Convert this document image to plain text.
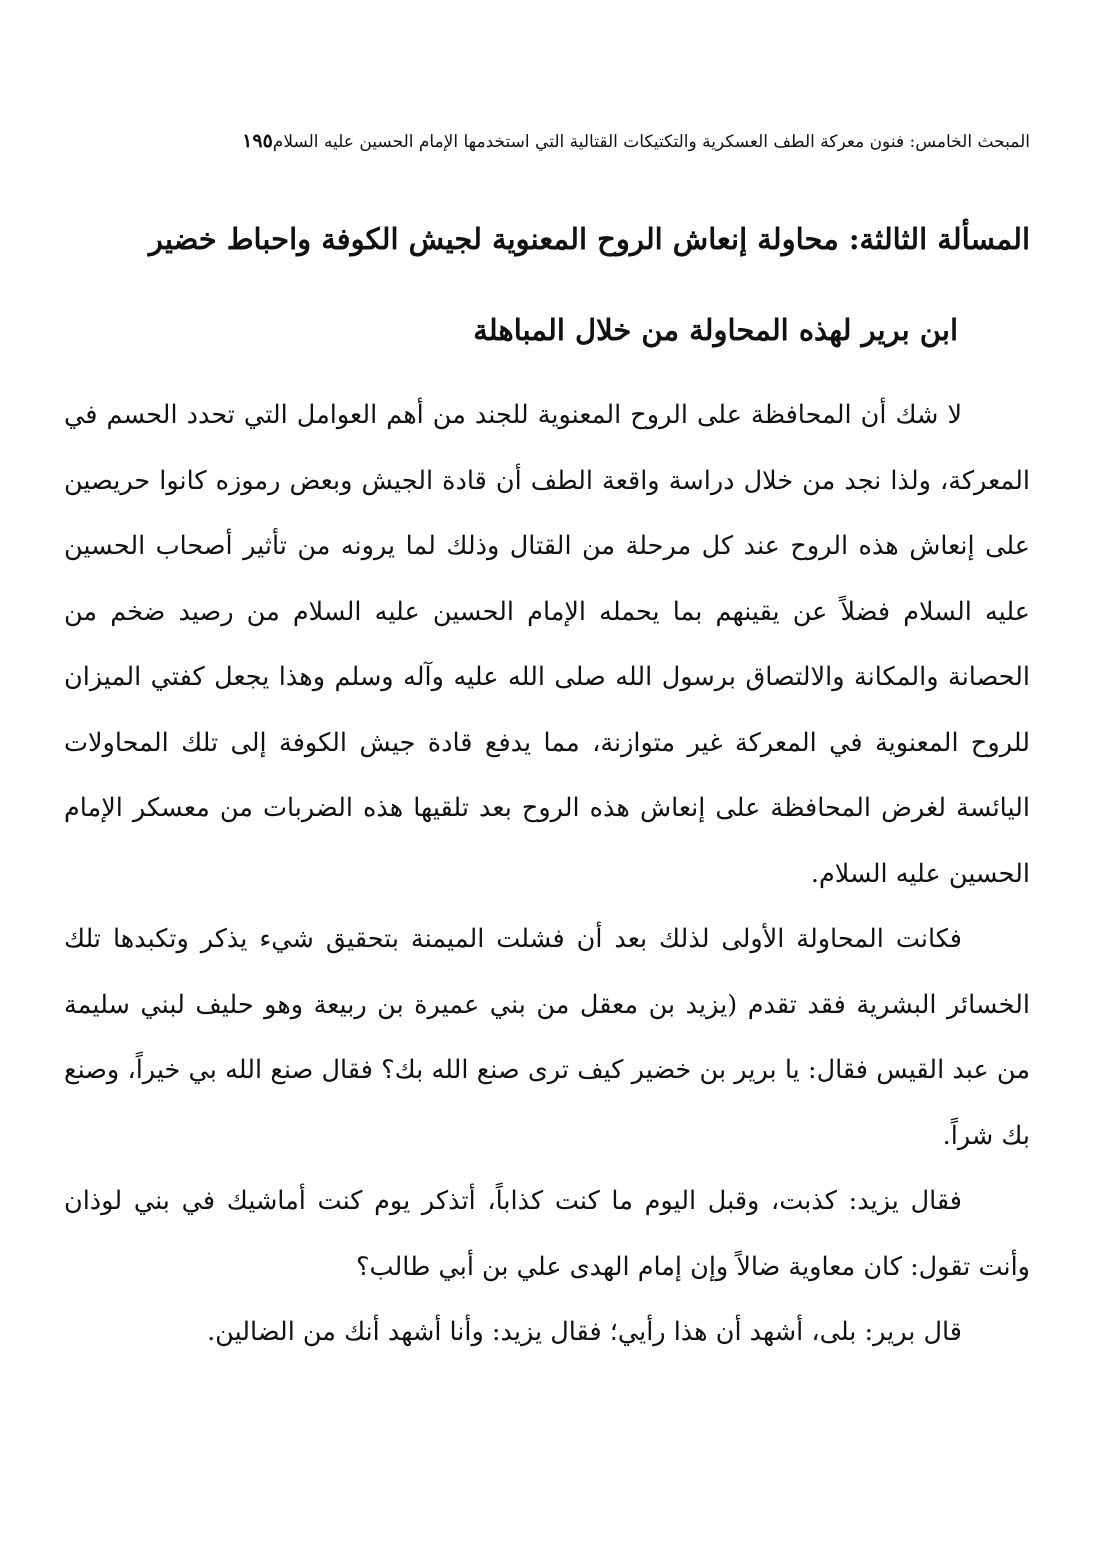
المبحث الخامس: فنون معركة الطف العسكرية والتكتيكات القتالية التي استخدمها الإمام الحسين عليه السلام١٩٥
المسألة الثالثة: محاولة إنعاش الروح المعنوية لجيش الكوفة واحباط خضير
ابن برير لهذه المحاولة من خلال المباهلة

لا شك أن المحافظة على الروح المعنوية للجند من أهم العوامل التي تحدد الحسم في المعركة، ولذا نجد من خلال دراسة واقعة الطف أن قادة الجيش وبعض رموزه كانوا حريصين على إنعاش هذه الروح عند كل مرحلة من القتال وذلك لما يرونه من تأثير أصحاب الحسين عليه السلام فضلاً عن يقينهم بما يحمله الإمام الحسين عليه السلام من رصيد ضخم من الحصانة والمكانة والالتصاق برسول الله صلى الله عليه وآله وسلم وهذا يجعل كفتي الميزان للروح المعنوية في المعركة غير متوازنة، مما يدفع قادة جيش الكوفة إلى تلك المحاولات اليائسة لغرض المحافظة على إنعاش هذه الروح بعد تلقيها هذه الضربات من معسكر الإمام الحسين عليه السلام.

فكانت المحاولة الأولى لذلك بعد أن فشلت الميمنة بتحقيق شيء يذكر وتكبدها تلك الخسائر البشرية فقد تقدم (يزيد بن معقل من بني عميرة بن ربيعة وهو حليف لبني سليمة من عبد القيس فقال: يا برير بن خضير كيف ترى صنع الله بك؟ فقال صنع الله بي خيراً، وصنع بك شراً.

فقال يزيد: كذبت، وقبل اليوم ما كنت كذاباً، أتذكر يوم كنت أماشيك في بني لوذان وأنت تقول: كان معاوية ضالاً وإن إمام الهدى علي بن أبي طالب؟

قال برير: بلى، أشهد أن هذا رأيي؛ فقال يزيد: وأنا أشهد أنك من الضالين.
